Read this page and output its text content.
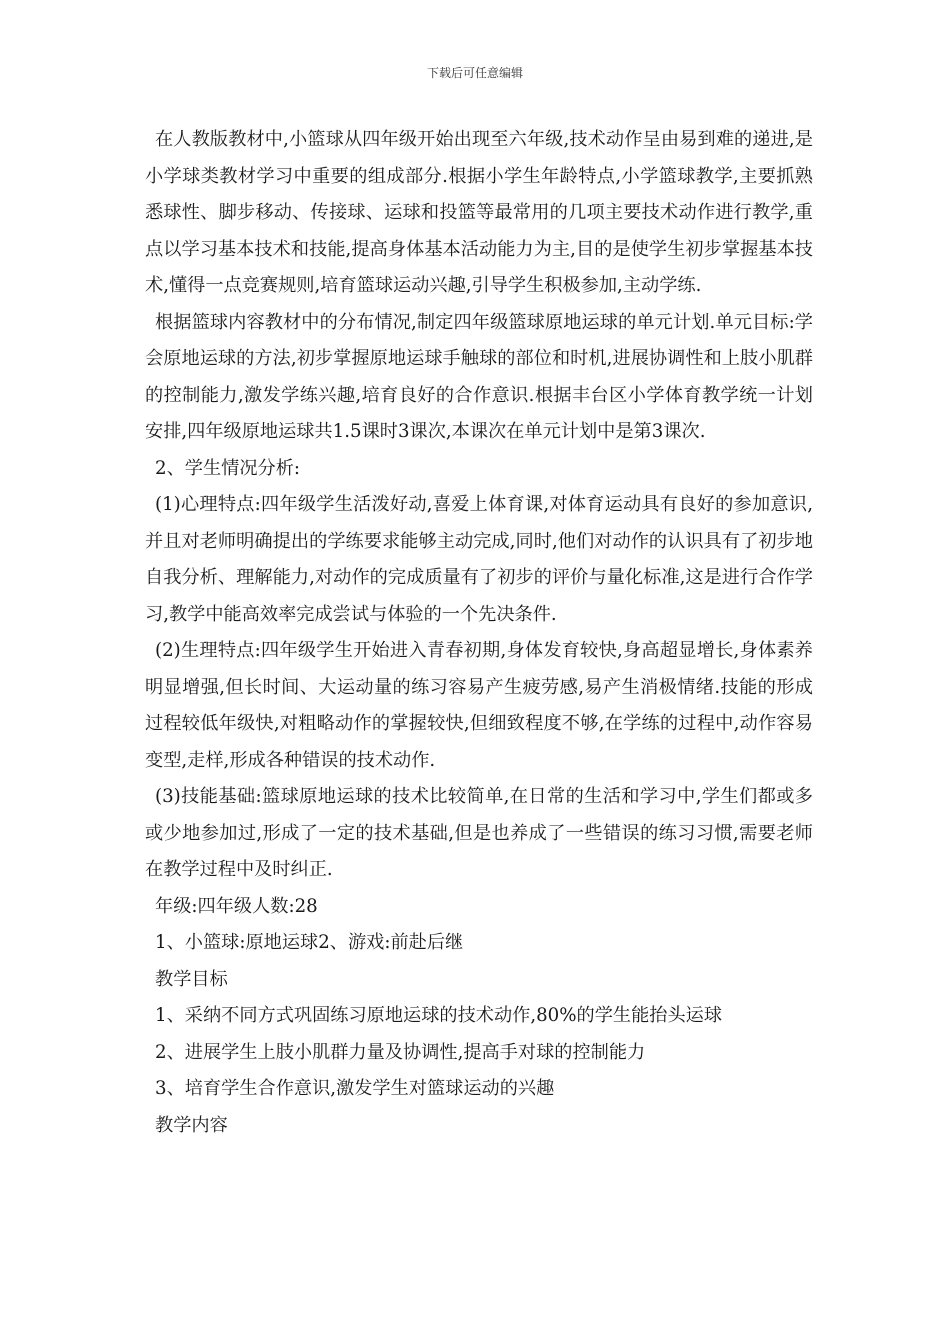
下载后可任意编辑

在人教版教材中,小篮球从四年级开始出现至六年级,技术动作呈由易到难的递进,是小学球类教材学习中重要的组成部分.根据小学生年龄特点,小学篮球教学,主要抓熟悉球性、脚步移动、传接球、运球和投篮等最常用的几项主要技术动作进行教学,重点以学习基本技术和技能,提高身体基本活动能力为主,目的是使学生初步掌握基本技术,懂得一点竞赛规则,培育篮球运动兴趣,引导学生积极参加,主动学练.

根据篮球内容教材中的分布情况,制定四年级篮球原地运球的单元计划.单元目标:学会原地运球的方法,初步掌握原地运球手触球的部位和时机,进展协调性和上肢小肌群的控制能力,激发学练兴趣,培育良好的合作意识.根据丰台区小学体育教学统一计划安排,四年级原地运球共1.5课时3课次,本课次在单元计划中是第3课次.

2、学生情况分析:

(1)心理特点:四年级学生活泼好动,喜爱上体育课,对体育运动具有良好的参加意识,并且对老师明确提出的学练要求能够主动完成,同时,他们对动作的认识具有了初步地自我分析、理解能力,对动作的完成质量有了初步的评价与量化标准,这是进行合作学习,教学中能高效率完成尝试与体验的一个先决条件.

(2)生理特点:四年级学生开始进入青春初期,身体发育较快,身高超显增长,身体素养明显增强,但长时间、大运动量的练习容易产生疲劳感,易产生消极情绪.技能的形成过程较低年级快,对粗略动作的掌握较快,但细致程度不够,在学练的过程中,动作容易变型,走样,形成各种错误的技术动作.

(3)技能基础:篮球原地运球的技术比较简单,在日常的生活和学习中,学生们都或多或少地参加过,形成了一定的技术基础,但是也养成了一些错误的练习习惯,需要老师在教学过程中及时纠正.

年级:四年级人数:28

1、小篮球:原地运球2、游戏:前赴后继

教学目标

1、采纳不同方式巩固练习原地运球的技术动作,80%的学生能抬头运球

2、进展学生上肢小肌群力量及协调性,提高手对球的控制能力

3、培育学生合作意识,激发学生对篮球运动的兴趣

教学内容
